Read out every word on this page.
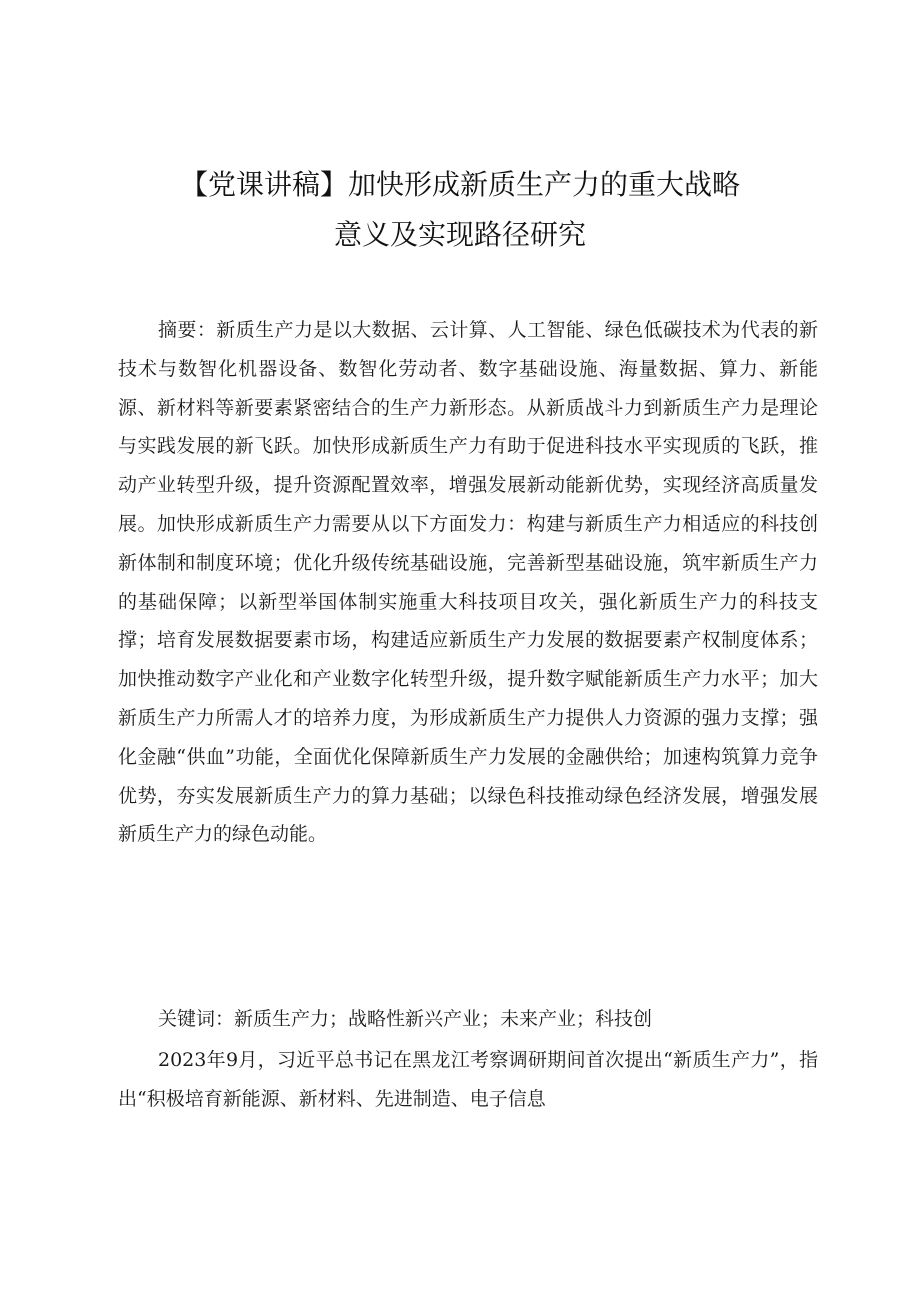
【党课讲稿】加快形成新质生产力的重大战略
意义及实现路径研究

摘要：新质生产力是以大数据、云计算、人工智能、绿色低碳技术为代表的新技术与数智化机器设备、数智化劳动者、数字基础设施、海量数据、算力、新能源、新材料等新要素紧密结合的生产力新形态。从新质战斗力到新质生产力是理论与实践发展的新飞跃。加快形成新质生产力有助于促进科技水平实现质的飞跃，推动产业转型升级，提升资源配置效率，增强发展新动能新优势，实现经济高质量发展。加快形成新质生产力需要从以下方面发力：构建与新质生产力相适应的科技创新体制和制度环境；优化升级传统基础设施，完善新型基础设施，筑牢新质生产力的基础保障；以新型举国体制实施重大科技项目攻关，强化新质生产力的科技支撑；培育发展数据要素市场，构建适应新质生产力发展的数据要素产权制度体系；加快推动数字产业化和产业数字化转型升级，提升数字赋能新质生产力水平；加大新质生产力所需人才的培养力度，为形成新质生产力提供人力资源的强力支撑；强化金融“供血”功能，全面优化保障新质生产力发展的金融供给；加速构筑算力竞争优势，夯实发展新质生产力的算力基础；以绿色科技推动绿色经济发展，增强发展新质生产力的绿色动能。

关键词：新质生产力；战略性新兴产业；未来产业；科技创

2023年9月，习近平总书记在黑龙江考察调研期间首次提出“新质生产力”，指出“积极培育新能源、新材料、先进制造、电子信息
